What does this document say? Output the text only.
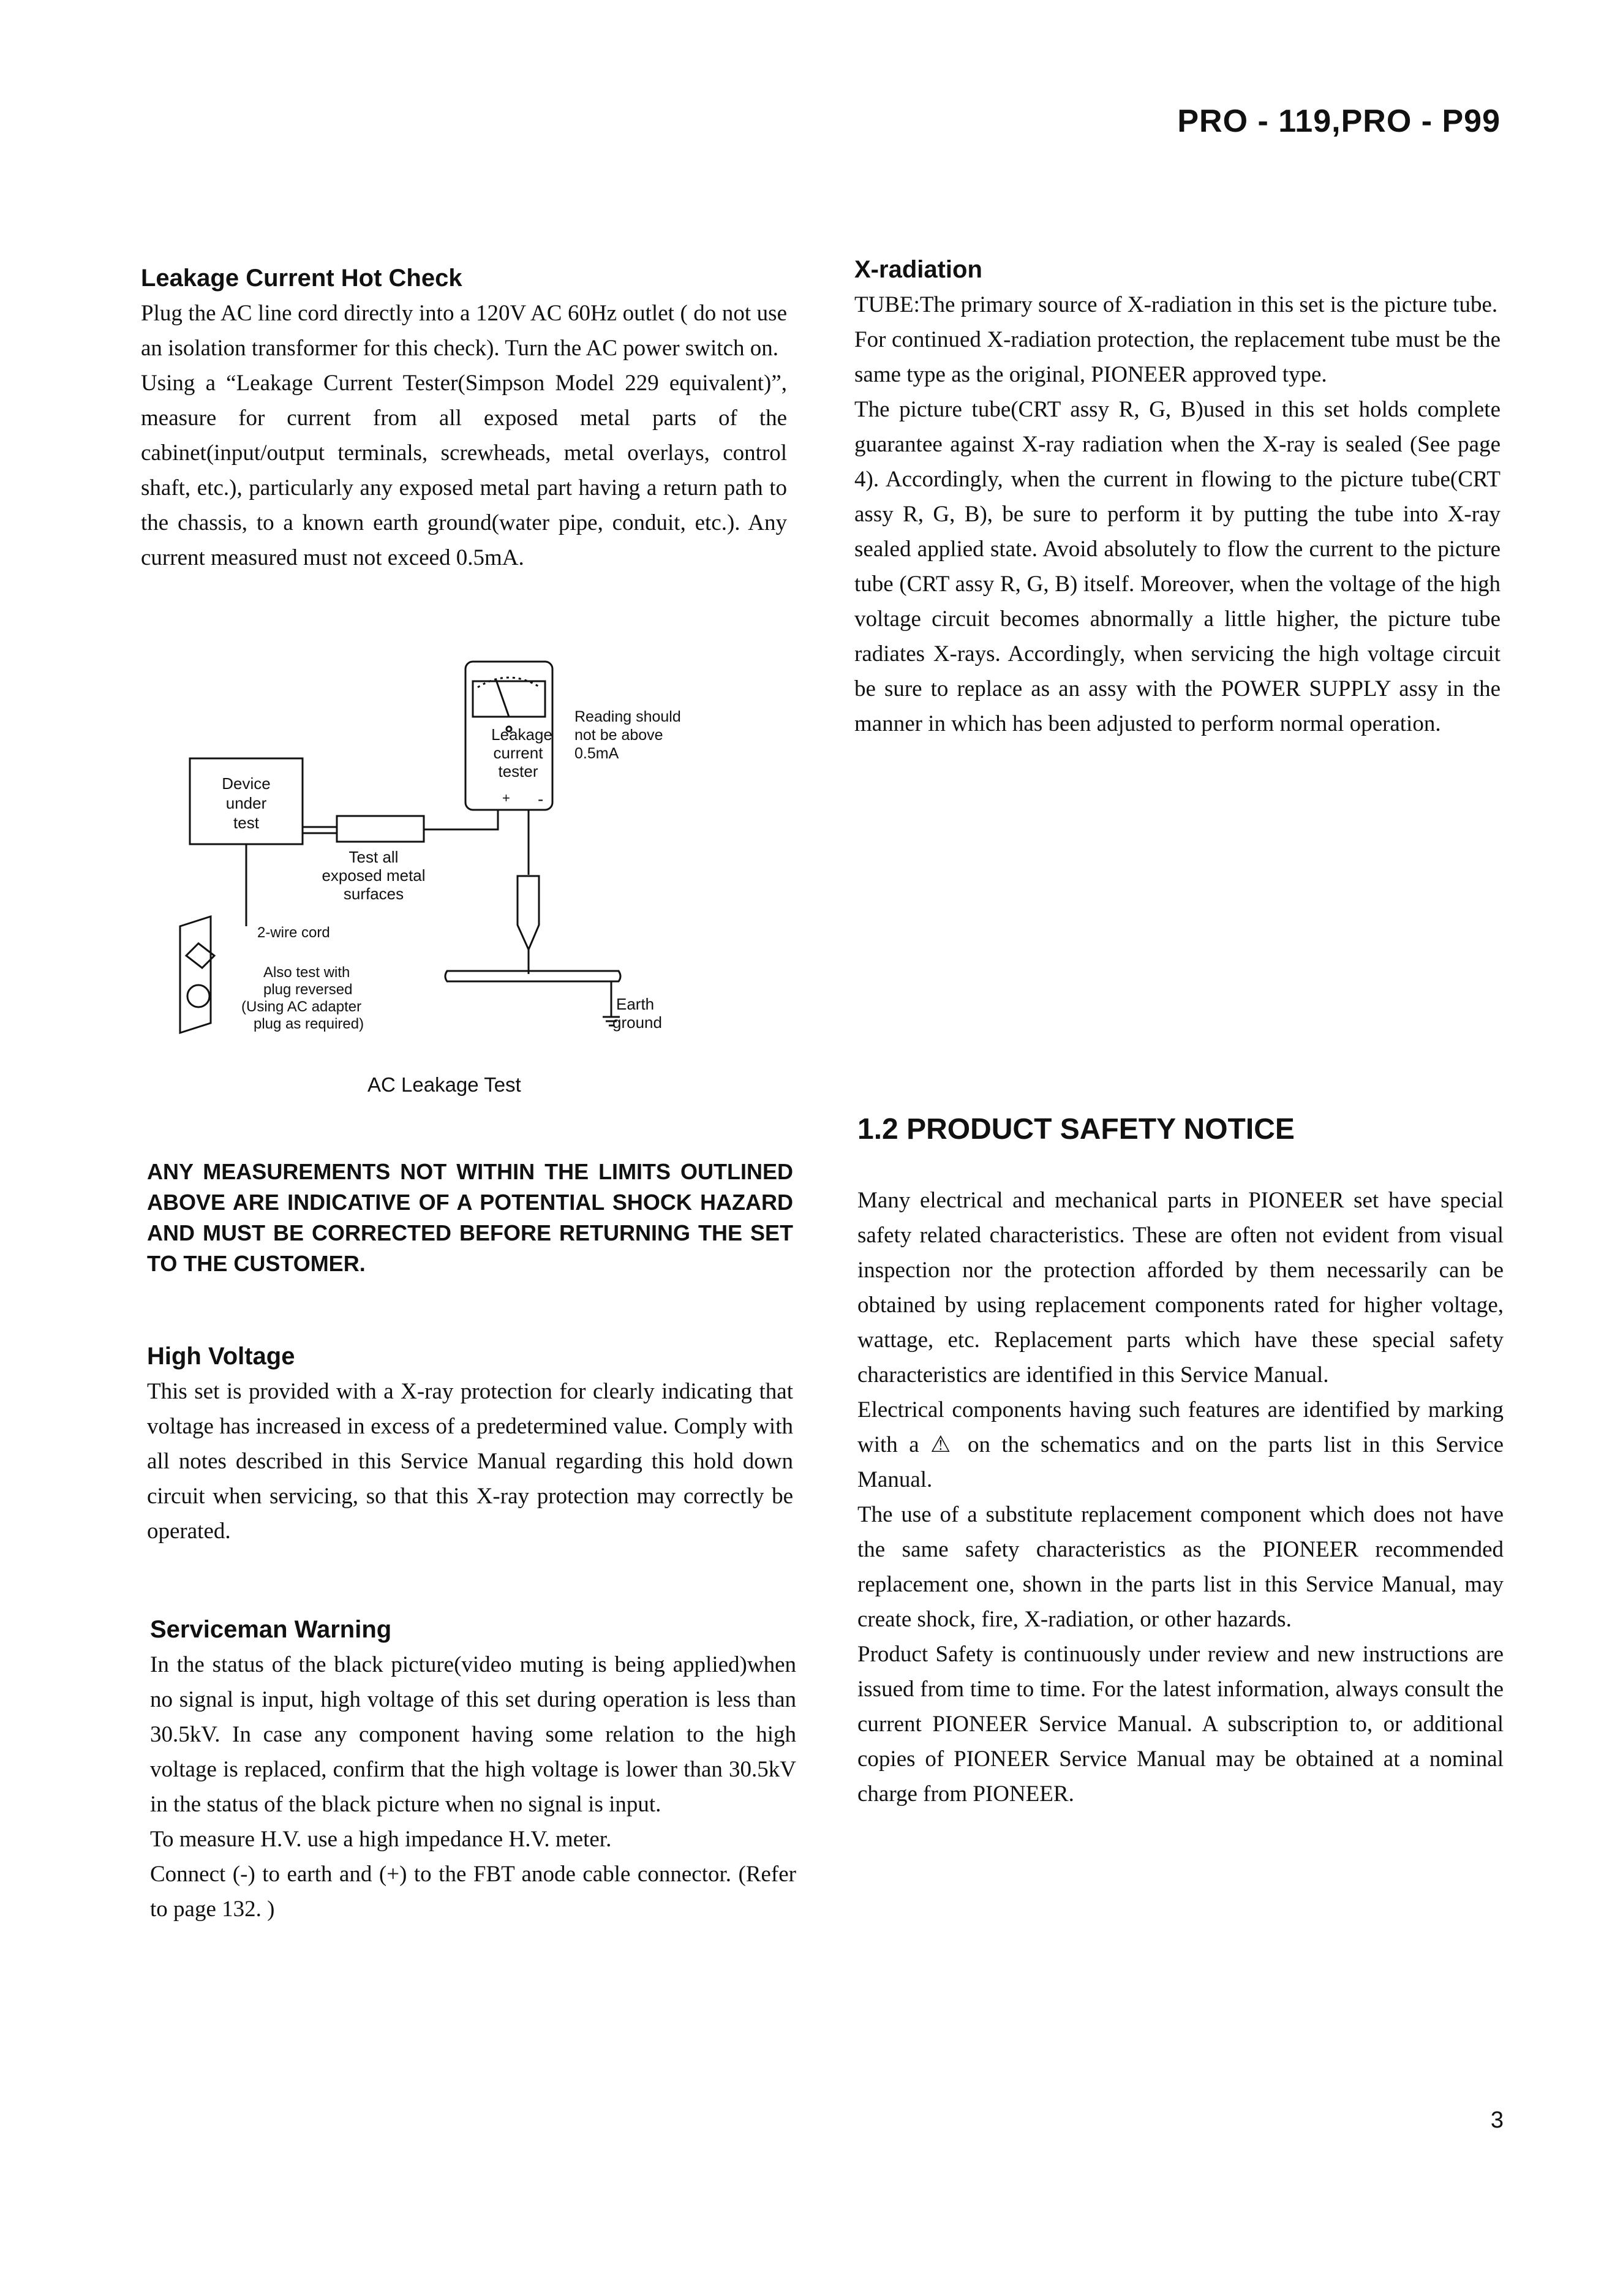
PRO - 119,PRO - P99
Leakage Current Hot Check

Plug the AC line cord directly into a 120V AC 60Hz outlet ( do not use an isolation transformer for this check). Turn the AC power switch on.

Using a “Leakage Current Tester(Simpson Model 229 equivalent)”, measure for current from all exposed metal parts of the cabinet(input/output terminals, screwheads, metal overlays, control shaft, etc.), particularly any exposed metal part having a return path to the chassis, to a known earth ground(water pipe, conduit, etc.). Any current measured must not exceed 0.5mA.

Leakage
current
tester
+ -
Reading should
not be above
0.5mA
Device
under
test
Test all
exposed metal
surfaces
2-wire cord
Also test with
plug reversed
(Using AC adapter
plug as required)
Earth
ground
AC Leakage Test

ANY MEASUREMENTS NOT WITHIN THE LIMITS OUTLINED ABOVE ARE INDICATIVE OF A POTENTIAL SHOCK HAZARD AND MUST BE CORRECTED BEFORE RETURNING THE SET TO THE CUSTOMER.

High Voltage

This set is provided with a X-ray protection for clearly indicating that voltage has increased in excess of a predetermined value. Comply with all notes described in this Service Manual regarding this hold down circuit when servicing, so that this X-ray protection may correctly be operated.

Serviceman Warning

In the status of the black picture(video muting is being applied)when no signal is input, high voltage of this set during operation is less than 30.5kV. In case any component having some relation to the high voltage is replaced, confirm that the high voltage is lower than 30.5kV in the status of the black picture when no signal is input.

To measure H.V. use a high impedance H.V. meter.

Connect (-) to earth and (+) to the FBT anode cable connector. (Refer to page 132. )

X-radiation

TUBE:The primary source of X-radiation in this set is the picture tube.

For continued X-radiation protection, the replacement tube must be the same type as the original, PIONEER approved type.

The picture tube(CRT assy R, G, B)used in this set holds complete guarantee against X-ray radiation when the X-ray is sealed (See page 4). Accordingly, when the current in flowing to the picture tube(CRT assy R, G, B), be sure to perform it by putting the tube into X-ray sealed applied state. Avoid absolutely to flow the current to the picture tube (CRT assy R, G, B) itself. Moreover, when the voltage of the high voltage circuit becomes abnormally a little higher, the picture tube radiates X-rays. Accordingly, when servicing the high voltage circuit be sure to replace as an assy with the POWER SUPPLY assy in the manner in which has been adjusted to perform normal operation.

1.2 PRODUCT SAFETY NOTICE

Many electrical and mechanical parts in PIONEER set have special safety related characteristics. These are often not evident from visual inspection nor the protection afforded by them necessarily can be obtained by using replacement components rated for higher voltage, wattage, etc. Replacement parts which have these special safety characteristics are identified in this Service Manual.

Electrical components having such features are identified by marking with a ⚠ on the schematics and on the parts list in this Service Manual.

The use of a substitute replacement component which does not have the same safety characteristics as the PIONEER recommended replacement one, shown in the parts list in this Service Manual, may create shock, fire, X-radiation, or other hazards.

Product Safety is continuously under review and new instructions are issued from time to time. For the latest information, always consult the current PIONEER Service Manual. A subscription to, or additional copies of PIONEER Service Manual may be obtained at a nominal charge from PIONEER.

3
